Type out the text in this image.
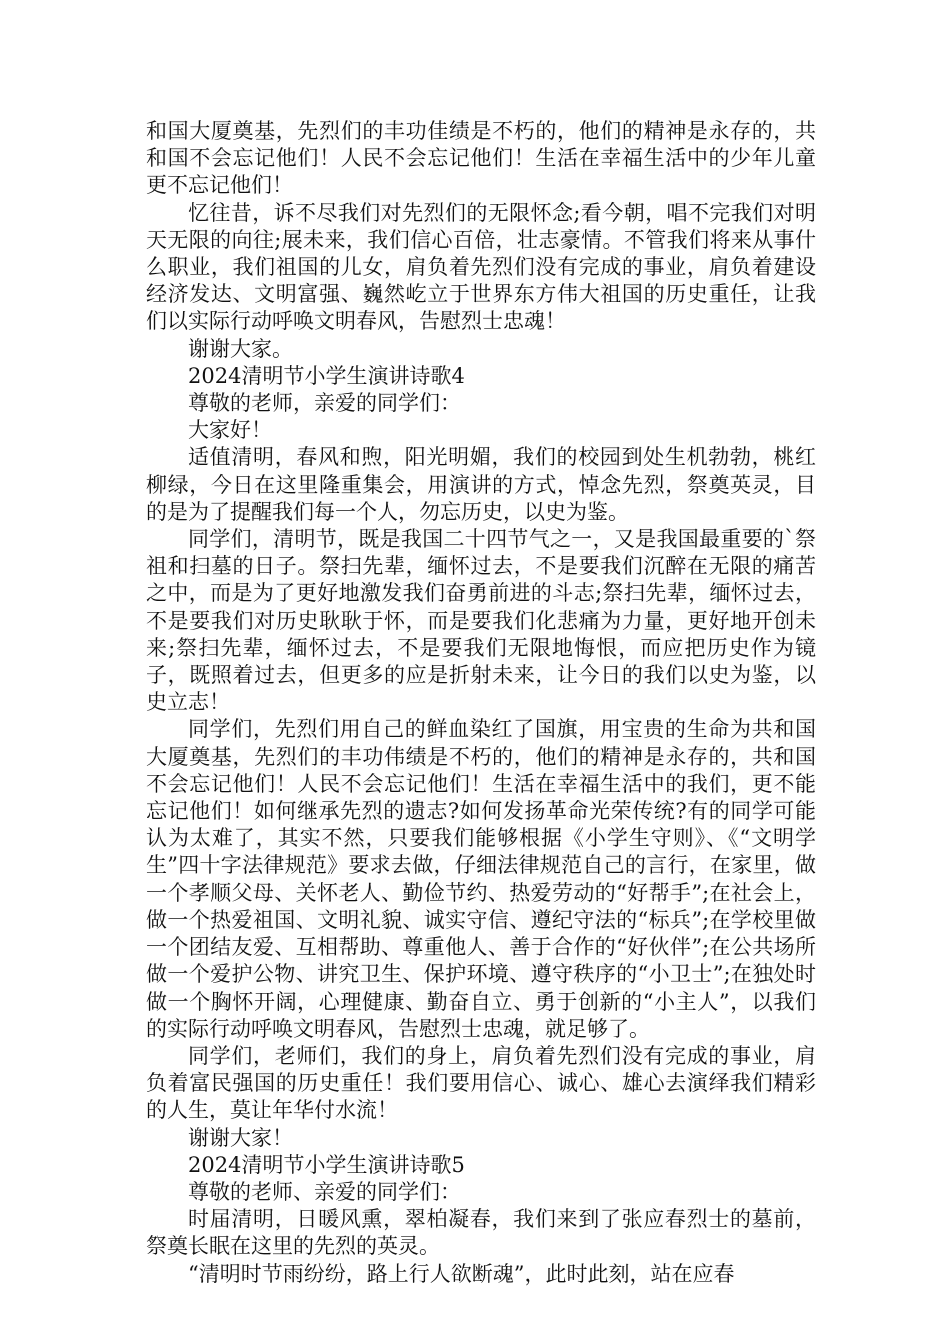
和国大厦奠基，先烈们的丰功佳绩是不朽的，他们的精神是永存的，共和国不会忘记他们！人民不会忘记他们！生活在幸福生活中的少年儿童更不忘记他们！

忆往昔，诉不尽我们对先烈们的无限怀念;看今朝，唱不完我们对明天无限的向往;展未来，我们信心百倍，壮志豪情。不管我们将来从事什么职业，我们祖国的儿女，肩负着先烈们没有完成的事业，肩负着建设经济发达、文明富强、巍然屹立于世界东方伟大祖国的历史重任，让我们以实际行动呼唤文明春风，告慰烈士忠魂！

谢谢大家。

2024清明节小学生演讲诗歌4

尊敬的老师，亲爱的同学们：

大家好！

适值清明，春风和煦，阳光明媚，我们的校园到处生机勃勃，桃红柳绿，今日在这里隆重集会，用演讲的方式，悼念先烈，祭奠英灵，目的是为了提醒我们每一个人，勿忘历史，以史为鉴。

同学们，清明节，既是我国二十四节气之一，又是我国最重要的`祭祖和扫墓的日子。祭扫先辈，缅怀过去，不是要我们沉醉在无限的痛苦之中，而是为了更好地激发我们奋勇前进的斗志;祭扫先辈，缅怀过去，不是要我们对历史耿耿于怀，而是要我们化悲痛为力量，更好地开创未来;祭扫先辈，缅怀过去，不是要我们无限地悔恨，而应把历史作为镜子，既照着过去，但更多的应是折射未来，让今日的我们以史为鉴，以史立志！

同学们，先烈们用自己的鲜血染红了国旗，用宝贵的生命为共和国大厦奠基，先烈们的丰功伟绩是不朽的，他们的精神是永存的，共和国不会忘记他们！人民不会忘记他们！生活在幸福生活中的我们，更不能忘记他们！如何继承先烈的遗志?如何发扬革命光荣传统?有的同学可能认为太难了，其实不然，只要我们能够根据《小学生守则》、《“文明学生”四十字法律规范》要求去做，仔细法律规范自己的言行，在家里，做一个孝顺父母、关怀老人、勤俭节约、热爱劳动的“好帮手”;在社会上，做一个热爱祖国、文明礼貌、诚实守信、遵纪守法的“标兵”;在学校里做一个团结友爱、互相帮助、尊重他人、善于合作的“好伙伴”;在公共场所做一个爱护公物、讲究卫生、保护环境、遵守秩序的“小卫士”;在独处时做一个胸怀开阔，心理健康、勤奋自立、勇于创新的“小主人”，以我们的实际行动呼唤文明春风，告慰烈士忠魂，就足够了。

同学们，老师们，我们的身上，肩负着先烈们没有完成的事业，肩负着富民强国的历史重任！我们要用信心、诚心、雄心去演绎我们精彩的人生，莫让年华付水流！

谢谢大家！

2024清明节小学生演讲诗歌5

尊敬的老师、亲爱的同学们：

时届清明，日暖风熏，翠柏凝春，我们来到了张应春烈士的墓前，祭奠长眠在这里的先烈的英灵。

“清明时节雨纷纷，路上行人欲断魂”，此时此刻，站在应春
